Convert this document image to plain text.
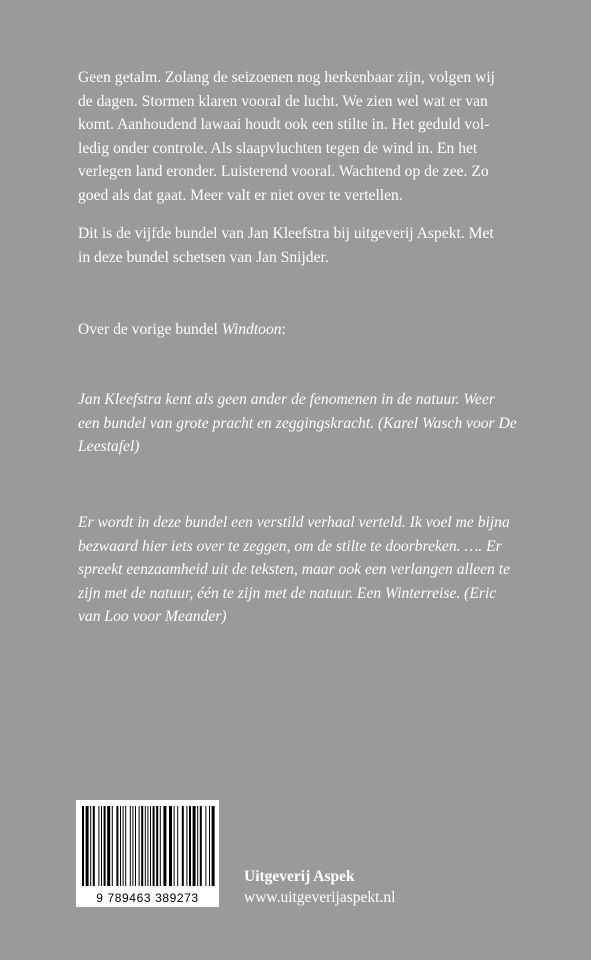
Geen getalm. Zolang de seizoenen nog herkenbaar zijn, volgen wij

de dagen. Stormen klaren vooral de lucht. We zien wel wat er van

komt. Aanhoudend lawaai houdt ook een stilte in. Het geduld vol-

ledig onder controle. Als slaapvluchten tegen de wind in. En het

verlegen land eronder. Luisterend vooral. Wachtend op de zee. Zo

goed als dat gaat. Meer valt er niet over te vertellen.

Dit is de vijfde bundel van Jan Kleefstra bij uitgeverij Aspekt. Met

in deze bundel schetsen van Jan Snijder.

Over de vorige bundel Windtoon:

Jan Kleefstra kent als geen ander de fenomenen in de natuur. Weer

een bundel van grote pracht en zeggingskracht. (Karel Wasch voor De

Leestafel)

Er wordt in deze bundel een verstild verhaal verteld. Ik voel me bijna

bezwaard hier iets over te zeggen, om de stilte te doorbreken. …. Er

spreekt eenzaamheid uit de teksten, maar ook een verlangen alleen te

zijn met de natuur, één te zijn met de natuur. Een Winterreise. (Eric

van Loo voor Meander)

9 789463 389273
Uitgeverij Aspek
www.uitgeverijaspekt.nl
